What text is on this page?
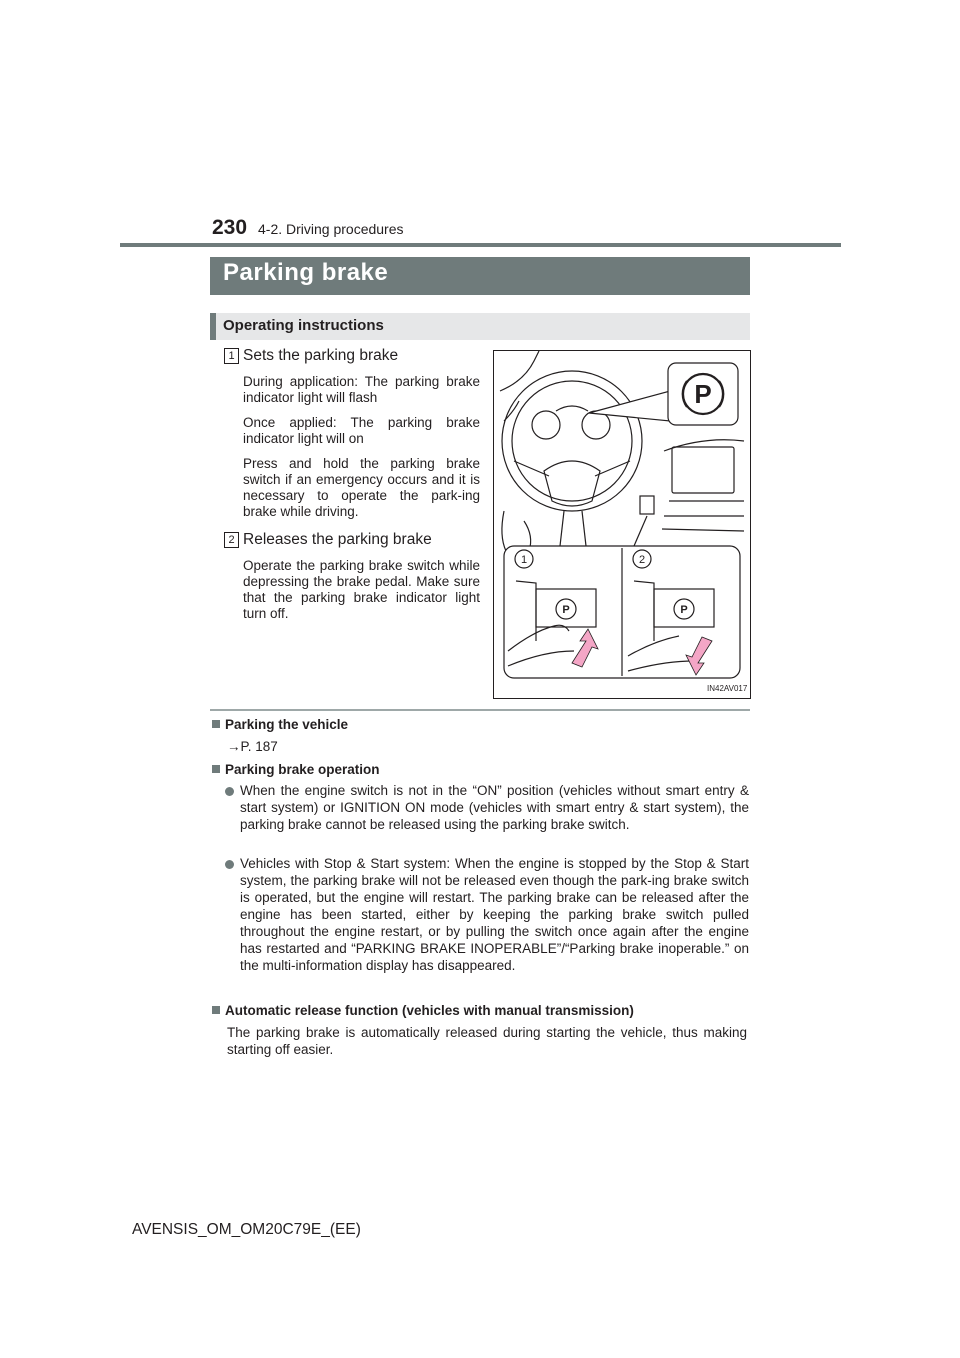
230 4-2. Driving procedures
Parking brake
Operating instructions
1 Sets the parking brake
During application: The parking brake indicator light will flash
Once applied: The parking brake indicator light will on
Press and hold the parking brake switch if an emergency occurs and it is necessary to operate the park-ing brake while driving.
2 Releases the parking brake
Operate the parking brake switch while depressing the brake pedal. Make sure that the parking brake indicator light turn off.
1	2
P
P	P
IN42AV017
Parking the vehicle
→P. 187
Parking brake operation
When the engine switch is not in the “ON” position (vehicles without smart entry & start system) or IGNITION ON mode (vehicles with smart entry & start system), the parking brake cannot be released using the parking brake switch.
Vehicles with Stop & Start system: When the engine is stopped by the Stop & Start system, the parking brake will not be released even though the park-ing brake switch is operated, but the engine will restart. The parking brake can be released after the engine has been started, either by keeping the parking brake switch pulled throughout the engine restart, or by pulling the switch once again after the engine has restarted and “PARKING BRAKE INOPERABLE”/“Parking brake inoperable.” on the multi-information display has disappeared.
Automatic release function (vehicles with manual transmission)
The parking brake is automatically released during starting the vehicle, thus making starting off easier.
AVENSIS_OM_OM20C79E_(EE)
